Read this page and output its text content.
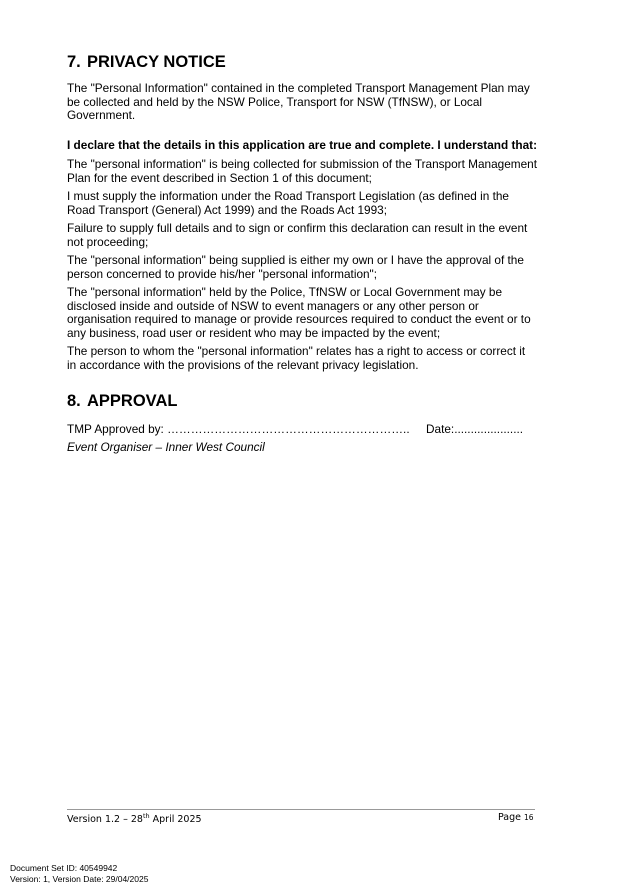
7. PRIVACY NOTICE

The "Personal Information" contained in the completed Transport Management Plan may be collected and held by the NSW Police, Transport for NSW (TfNSW), or Local Government.

I declare that the details in this application are true and complete. I understand that:

The "personal information" is being collected for submission of the Transport Management Plan for the event described in Section 1 of this document;

I must supply the information under the Road Transport Legislation (as defined in the Road Transport (General) Act 1999) and the Roads Act 1993;

Failure to supply full details and to sign or confirm this declaration can result in the event not proceeding;

The "personal information" being supplied is either my own or I have the approval of the person concerned to provide his/her "personal information";

The "personal information" held by the Police, TfNSW or Local Government may be disclosed inside and outside of NSW to event managers or any other person or organisation required to manage or provide resources required to conduct the event or to any business, road user or resident who may be impacted by the event;

The person to whom the "personal information" relates has a right to access or correct it in accordance with the provisions of the relevant privacy legislation.

8. APPROVAL
TMP Approved by: …………………………………………………….. Date:.....................
Event Organiser – Inner West Council
Version 1.2 – 28th April 2025	Page 16
Document Set ID: 40549942
Version: 1, Version Date: 29/04/2025
